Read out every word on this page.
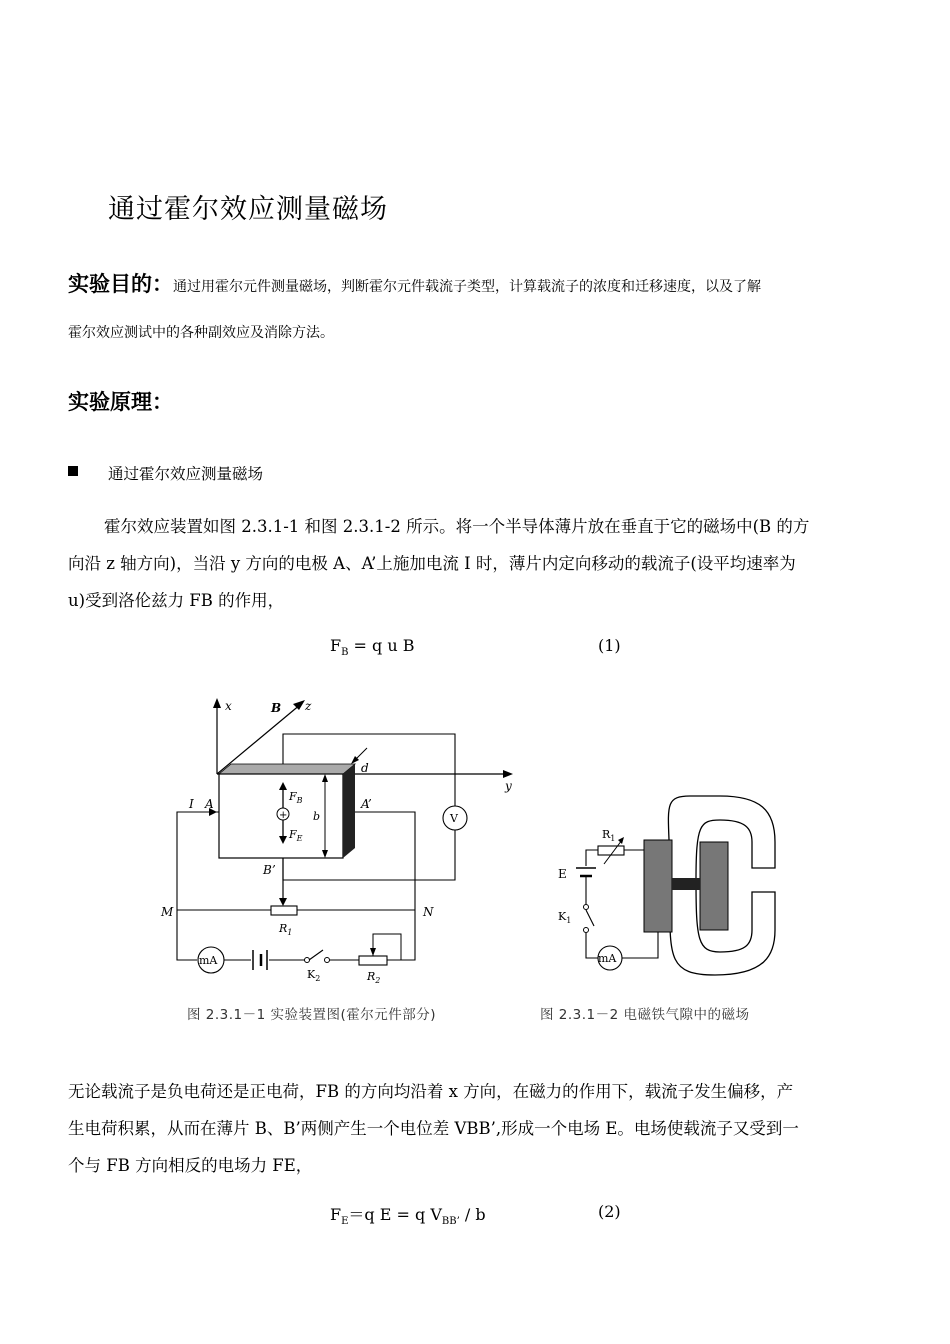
通过霍尔效应测量磁场
实验目的：通过用霍尔元件测量磁场，判断霍尔元件载流子类型，计算载流子的浓度和迁移速度，以及了解
霍尔效应测试中的各种副效应及消除方法。
实验原理：
通过霍尔效应测量磁场
霍尔效应装置如图 2.3.1-1 和图 2.3.1-2 所示。将一个半导体薄片放在垂直于它的磁场中(B 的方
向沿 z 轴方向)，当沿 y 方向的电极 A、A’上施加电流 I 时，薄片内定向移动的载流子(设平均速率为
u)受到洛伦兹力 FB 的作用，
$F_B = q$ u B	(1)
x	B z
y
d
I A	A’
$F_B$
$F_E$
+ b
B’
M	N
$R_1$
$R_2$
$K_2$
mA
V
$R_1$
E
$K_1$
mA
图 2.3.1－1 实验装置图(霍尔元件部分)	图 2.3.1－2 电磁铁气隙中的磁场
无论载流子是负电荷还是正电荷，FB 的方向均沿着 x 方向，在磁力的作用下，载流子发生偏移，产
生电荷积累，从而在薄片 B、B’两侧产生一个电位差 VBB’,形成一个电场 E。电场使载流子又受到一
个与 FB 方向相反的电场力 FE，
$F_E=q$ E = q $V_{BB’}$ / b	(2)
